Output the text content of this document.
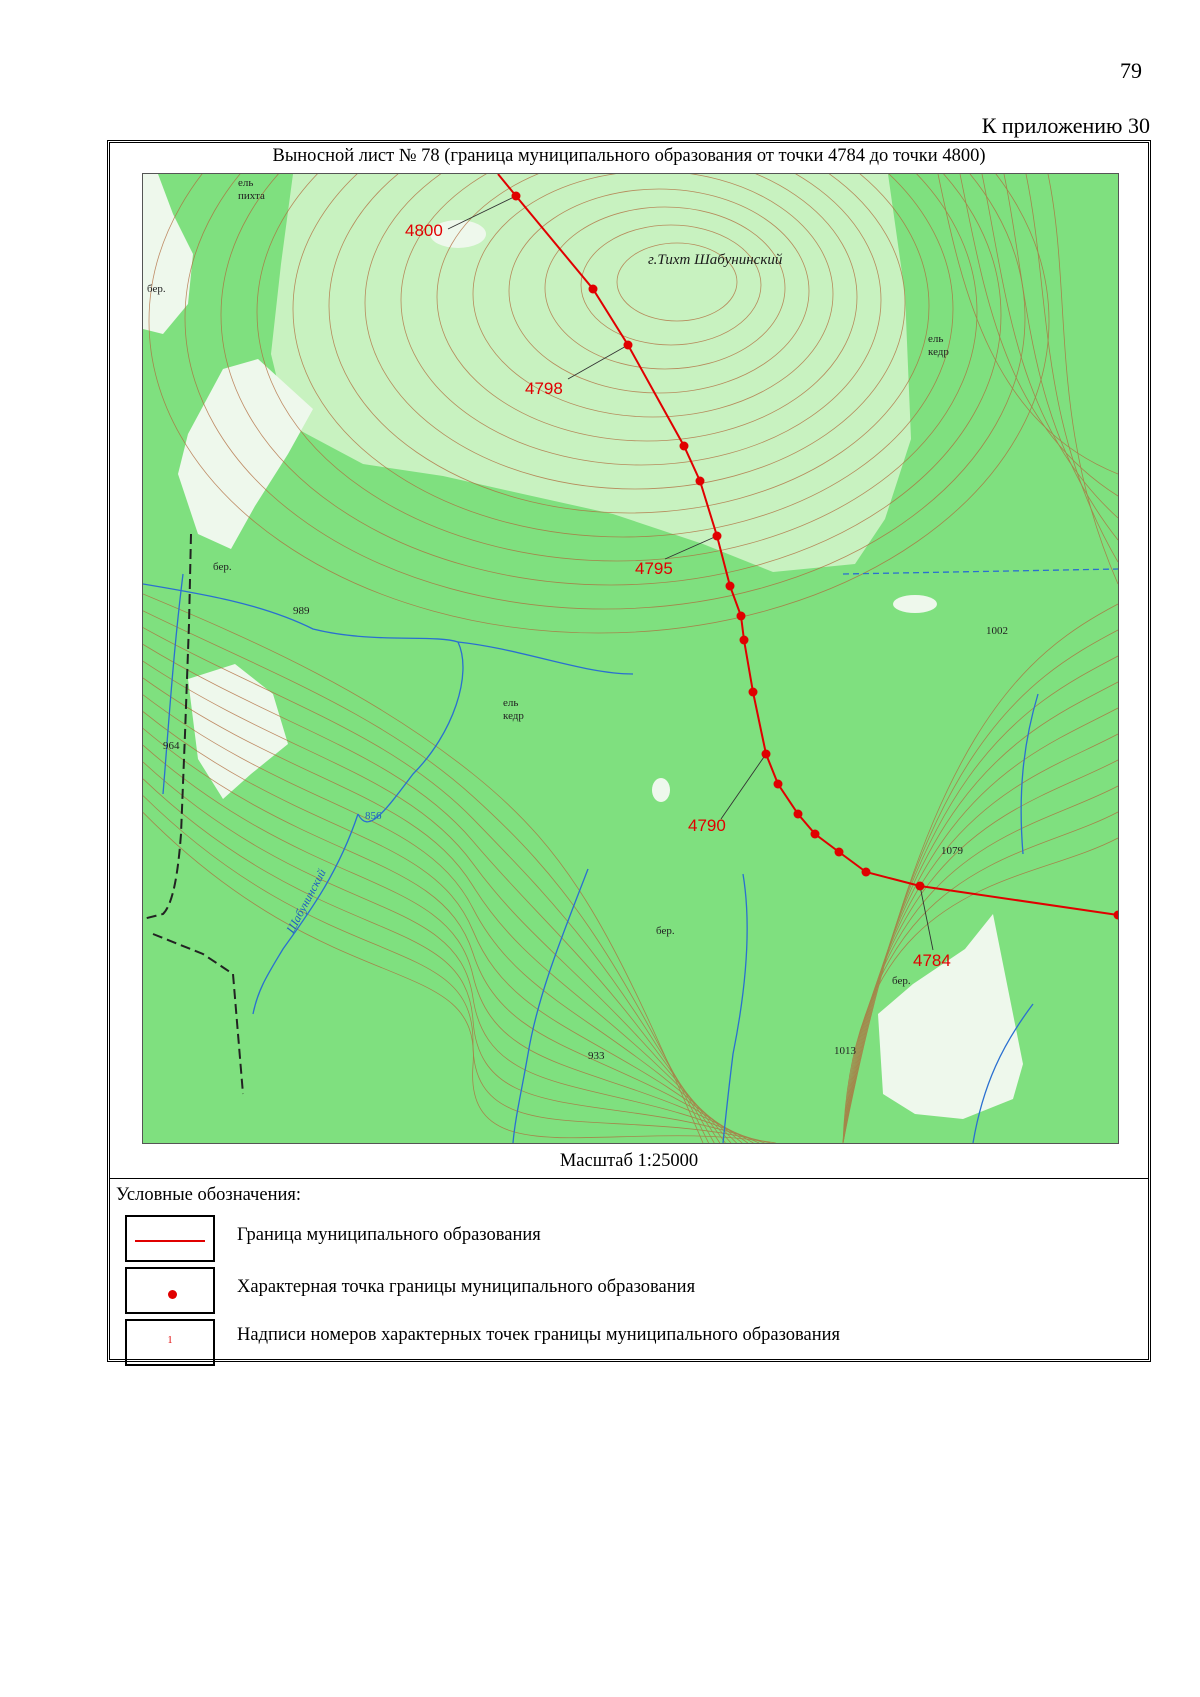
79
К приложению 30
Выносной лист № 78 (граница муниципального образования от точки 4784 до точки 4800)
г.Тихт Шабунинский
Шабунинский
989
964
856
1002
1079
933	1013
ель
пихта
ель
кедр
ель
кедр
бер.
бер.
бер.
бер.
4800
4798
4795
4790
4784
Масштаб 1:25000
Условные обозначения:
Граница муниципального образования
Характерная точка границы муниципального образования
1	Надписи номеров характерных точек границы муниципального образования
